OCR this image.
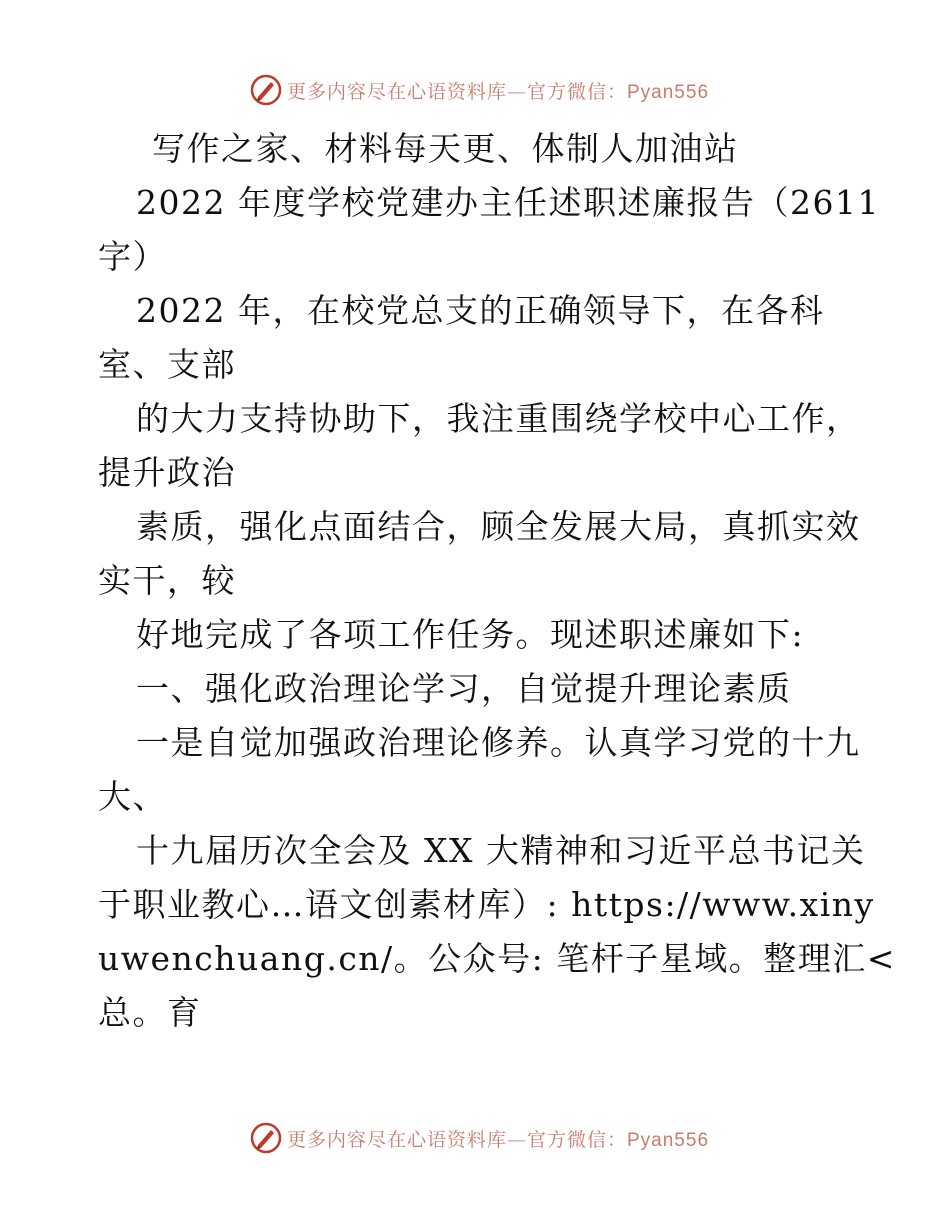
更多内容尽在心语资料库—官方微信：Pyan556
写作之家、材料每天更、体制人加油站
2022 年度学校党建办主任述职述廉报告（2611
字）
2022 年，在校党总支的正确领导下，在各科
室、支部
的大力支持协助下，我注重围绕学校中心工作，
提升政治
素质，强化点面结合，顾全发展大局，真抓实效
实干，较
好地完成了各项工作任务。现述职述廉如下:
一、强化政治理论学习，自觉提升理论素质
一是自觉加强政治理论修养。认真学习党的十九
大、
十九届历次全会及 XX 大精神和习近平总书记关
于职业教心…语文创素材库）: https://www.xiny
uwenchuang.cn/。公众号: 笔杆子星域。整理汇<
总。育
更多内容尽在心语资料库—官方微信：Pyan556
